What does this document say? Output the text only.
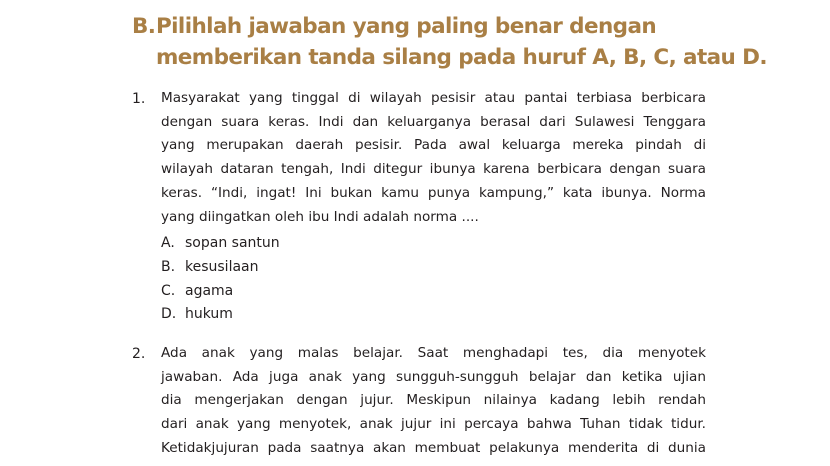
B. Pilihlah jawaban yang paling benar dengan
memberikan tanda silang pada huruf A, B, C, atau D.
1. Masyarakat yang tinggal di wilayah pesisir atau pantai terbiasa berbicara
dengan suara keras. Indi dan keluarganya berasal dari Sulawesi Tenggara
yang merupakan daerah pesisir. Pada awal keluarga mereka pindah di
wilayah dataran tengah, Indi ditegur ibunya karena berbicara dengan suara
keras. “Indi, ingat! Ini bukan kamu punya kampung,” kata ibunya. Norma
yang diingatkan oleh ibu Indi adalah norma ....
A. sopan santun
B. kesusilaan
C. agama
D. hukum
2. Ada anak yang malas belajar. Saat menghadapi tes, dia menyotek
jawaban. Ada juga anak yang sungguh-sungguh belajar dan ketika ujian
dia mengerjakan dengan jujur. Meskipun nilainya kadang lebih rendah
dari anak yang menyotek, anak jujur ini percaya bahwa Tuhan tidak tidur.
Ketidakjujuran pada saatnya akan membuat pelakunya menderita di dunia
